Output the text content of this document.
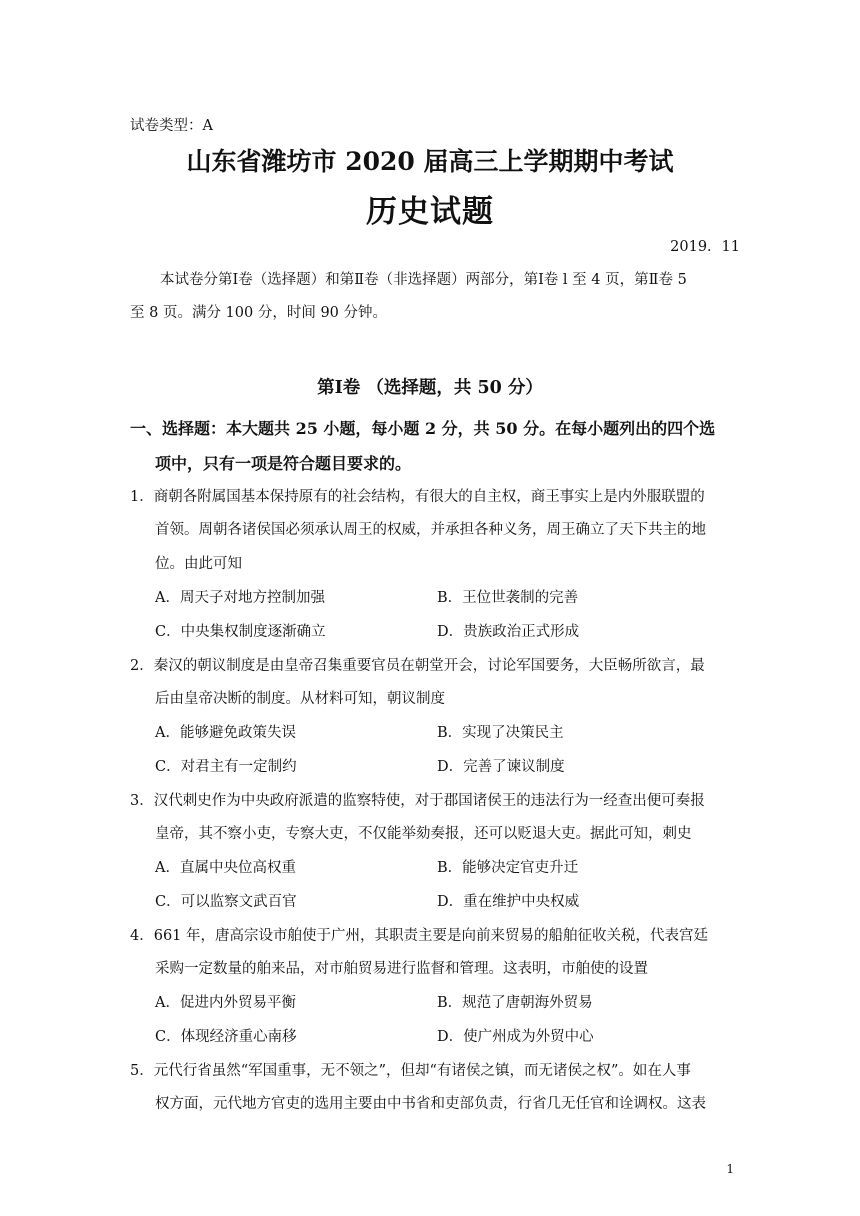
试卷类型：A
山东省潍坊市 2020 届高三上学期期中考试
历史试题
2019．11
本试卷分第Ⅰ卷（选择题）和第Ⅱ卷（非选择题）两部分，第Ⅰ卷 l 至 4 页，第Ⅱ卷 5
至 8 页。满分 100 分，时间 90 分钟。
第Ⅰ卷 （选择题，共 50 分）
一、选择题：本大题共 25 小题，每小题 2 分，共 50 分。在每小题列出的四个选
项中，只有一项是符合题目要求的。
1．商朝各附属国基本保持原有的社会结构，有很大的自主权，商王事实上是内外服联盟的
首领。周朝各诸侯国必须承认周王的权威，并承担各种义务，周王确立了天下共主的地
位。由此可知
A．周天子对地方控制加强	B．王位世袭制的完善
C．中央集权制度逐渐确立	D．贵族政治正式形成
2．秦汉的朝议制度是由皇帝召集重要官员在朝堂开会，讨论军国要务，大臣畅所欲言，最
后由皇帝决断的制度。从材料可知，朝议制度
A．能够避免政策失误	B．实现了决策民主
C．对君主有一定制约	D．完善了谏议制度
3．汉代刺史作为中央政府派遣的监察特使，对于郡国诸侯王的违法行为一经查出便可奏报
皇帝，其不察小吏，专察大吏，不仅能举劾奏报，还可以贬退大吏。据此可知，刺史
A．直属中央位高权重	B．能够决定官吏升迁
C．可以监察文武百官	D．重在维护中央权威
4．661 年，唐高宗设市舶使于广州，其职责主要是向前来贸易的船舶征收关税，代表宫廷
采购一定数量的舶来品，对市舶贸易进行监督和管理。这表明，市舶使的设置
A．促进内外贸易平衡	B．规范了唐朝海外贸易
C．体现经济重心南移	D．使广州成为外贸中心
5．元代行省虽然“军国重事，无不领之”，但却“有诸侯之镇，而无诸侯之权”。如在人事
权方面，元代地方官吏的选用主要由中书省和吏部负责，行省几无任官和诠调权。这表
1
